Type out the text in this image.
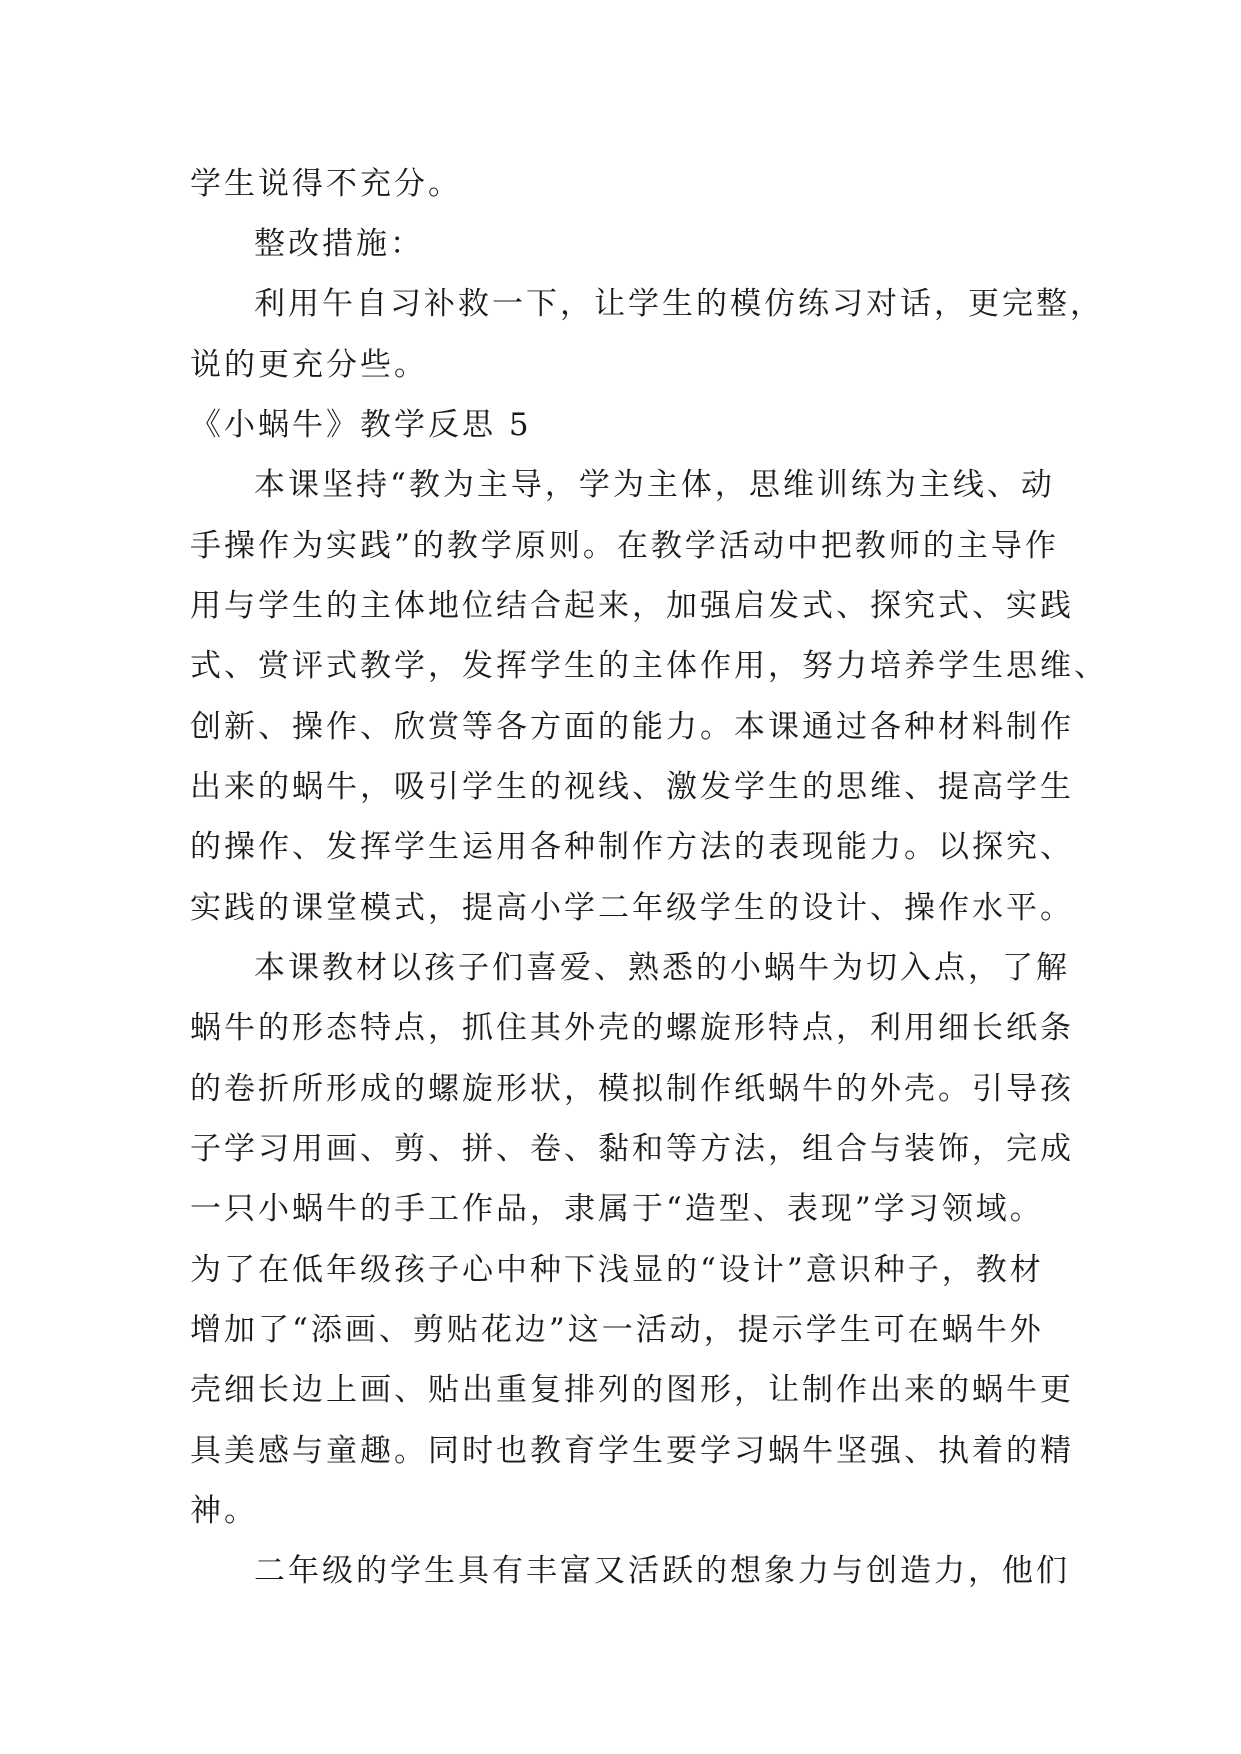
学生说得不充分。
整改措施：
利用午自习补救一下，让学生的模仿练习对话，更完整，
说的更充分些。
《小蜗牛》教学反思 5
本课坚持“教为主导，学为主体，思维训练为主线、动
手操作为实践”的教学原则。在教学活动中把教师的主导作
用与学生的主体地位结合起来，加强启发式、探究式、实践
式、赏评式教学，发挥学生的主体作用，努力培养学生思维、
创新、操作、欣赏等各方面的能力。本课通过各种材料制作
出来的蜗牛，吸引学生的视线、激发学生的思维、提高学生
的操作、发挥学生运用各种制作方法的表现能力。以探究、
实践的课堂模式，提高小学二年级学生的设计、操作水平。
本课教材以孩子们喜爱、熟悉的小蜗牛为切入点，了解
蜗牛的形态特点，抓住其外壳的螺旋形特点，利用细长纸条
的卷折所形成的螺旋形状，模拟制作纸蜗牛的外壳。引导孩
子学习用画、剪、拼、卷、黏和等方法，组合与装饰，完成
一只小蜗牛的手工作品，隶属于“造型、表现”学习领域。
为了在低年级孩子心中种下浅显的“设计”意识种子，教材
增加了“添画、剪贴花边”这一活动，提示学生可在蜗牛外
壳细长边上画、贴出重复排列的图形，让制作出来的蜗牛更
具美感与童趣。同时也教育学生要学习蜗牛坚强、执着的精
神。
二年级的学生具有丰富又活跃的想象力与创造力，他们
